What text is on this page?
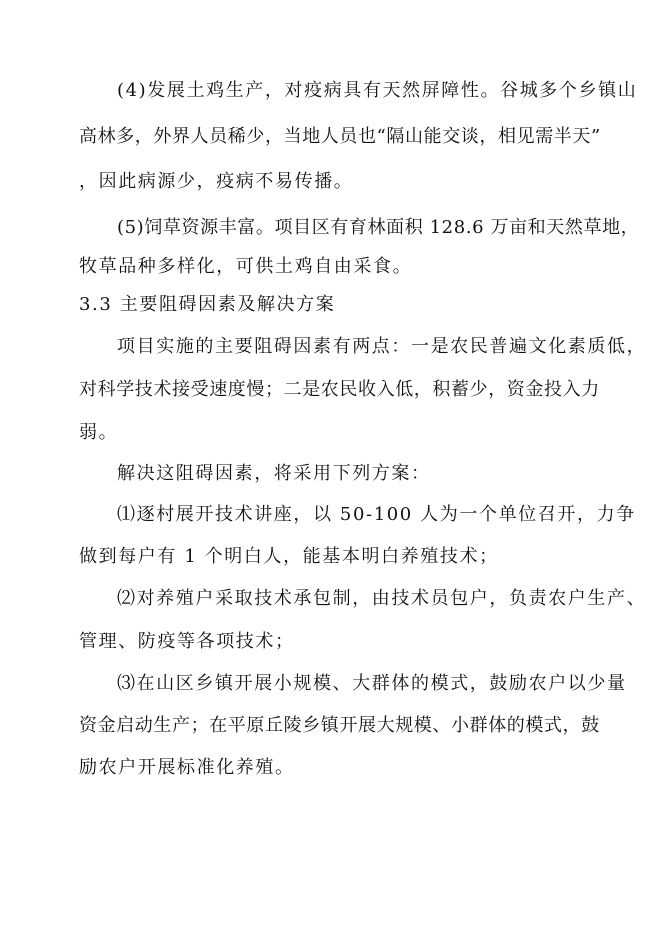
(4)发展土鸡生产，对疫病具有天然屏障性。谷城多个乡镇山
高林多，外界人员稀少，当地人员也“隔山能交谈，相见需半天”
，因此病源少，疫病不易传播。
(5)饲草资源丰富。项目区有育林面积 128.6 万亩和天然草地，
牧草品种多样化，可供土鸡自由采食。
3.3 主要阻碍因素及解决方案
项目实施的主要阻碍因素有两点：一是农民普遍文化素质低，
对科学技术接受速度慢；二是农民收入低，积蓄少，资金投入力
弱。
解决这阻碍因素，将采用下列方案：
⑴逐村展开技术讲座，以 50-100 人为一个单位召开，力争
做到每户有 1 个明白人，能基本明白养殖技术；
⑵对养殖户采取技术承包制，由技术员包户，负责农户生产、
管理、防疫等各项技术；
⑶在山区乡镇开展小规模、大群体的模式，鼓励农户以少量
资金启动生产；在平原丘陵乡镇开展大规模、小群体的模式，鼓
励农户开展标准化养殖。
